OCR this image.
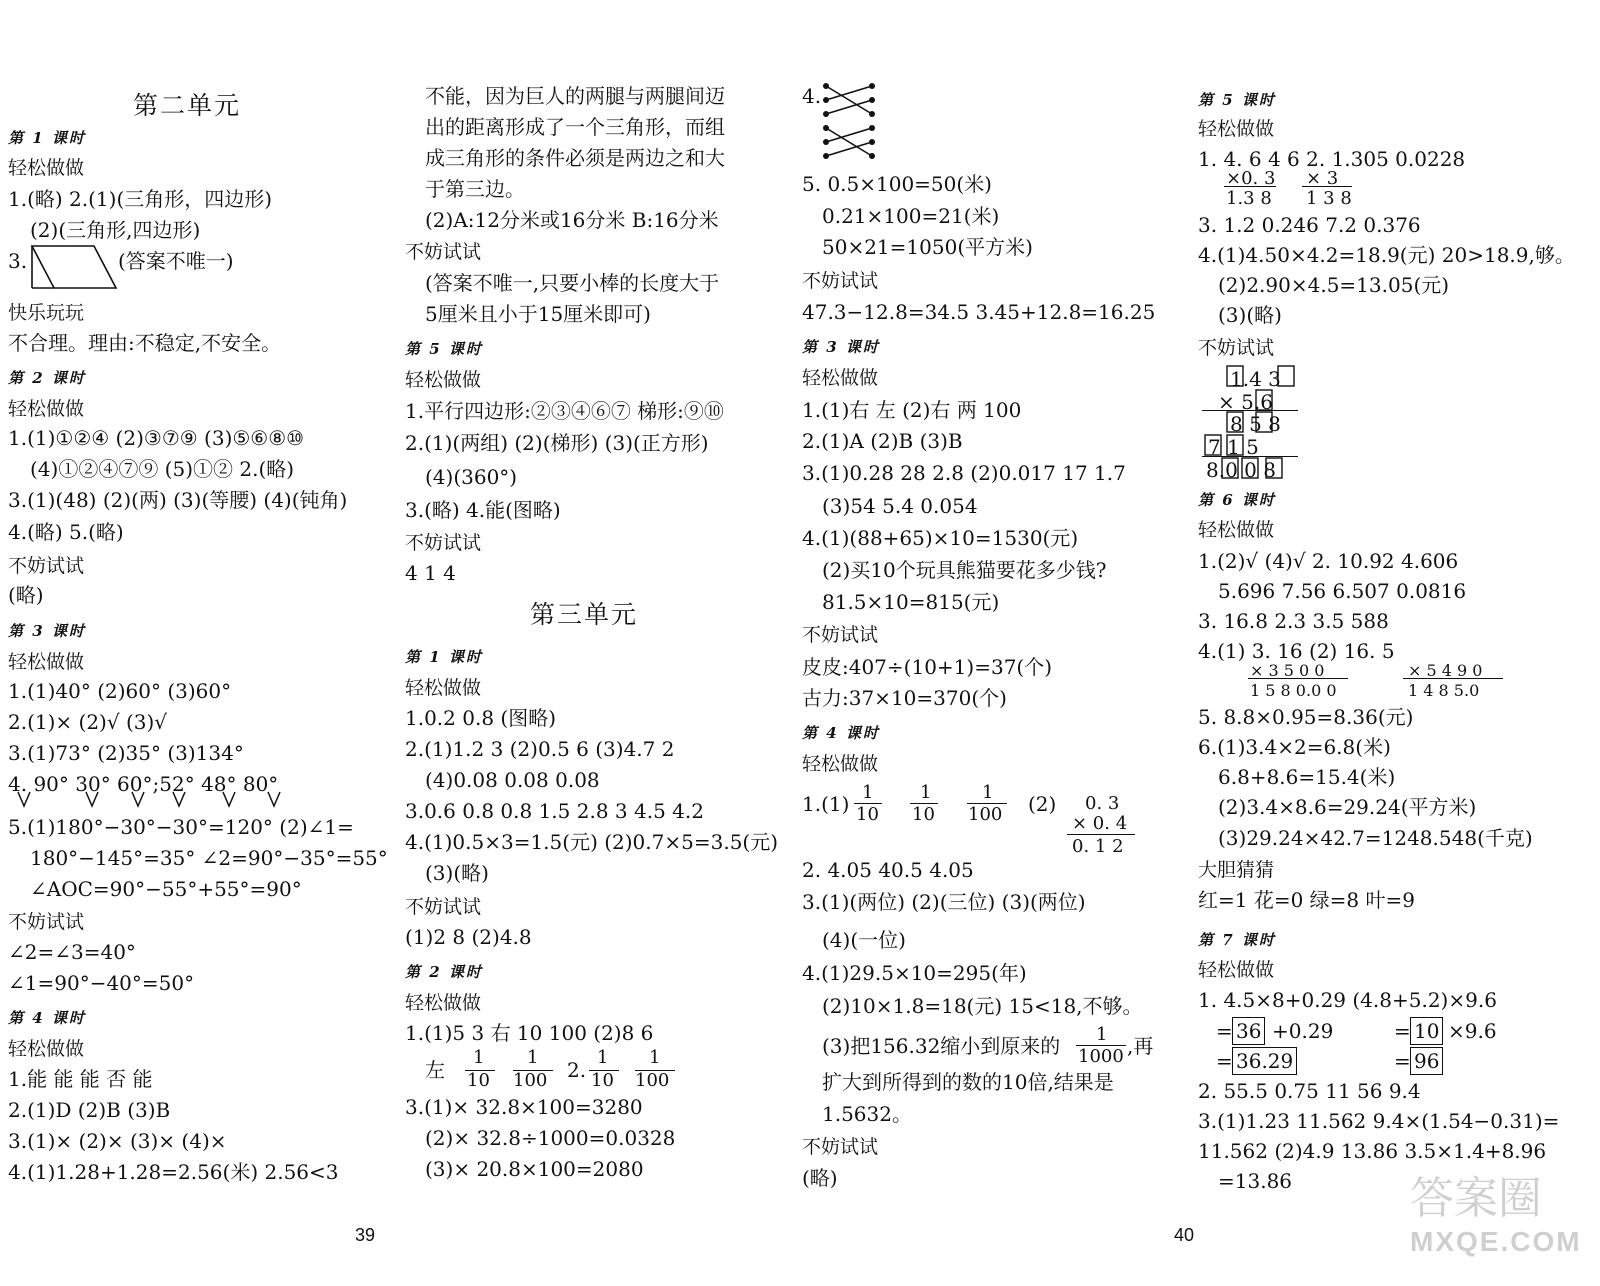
第二单元
第 1 课时
轻松做做
1.(略) 2.(1)(三角形，四边形)
(2)(三角形,四边形)
3.	(答案不唯一)
快乐玩玩
不合理。理由:不稳定,不安全。
第 2 课时
轻松做做
1.(1)①②④ (2)③⑦⑨ (3)⑤⑥⑧⑩
(4)①②④⑦⑨ (5)①② 2.(略)
3.(1)(48) (2)(两) (3)(等腰) (4)(钝角)
4.(略) 5.(略)
不妨试试
(略)
第 3 课时
轻松做做
1.(1)40° (2)60° (3)60°
2.(1)× (2)√ (3)√
3.(1)73° (2)35° (3)134°
4. 90° 30° 60°;52° 48° 80°
5.(1)180°−30°−30°=120° (2)∠1=
180°−145°=35° ∠2=90°−35°=55°
∠AOC=90°−55°+55°=90°
不妨试试
∠2=∠3=40°
∠1=90°−40°=50°
第 4 课时
轻松做做
1.能 能 能 否 能
2.(1)D (2)B (3)B
3.(1)× (2)× (3)× (4)×
4.(1)1.28+1.28=2.56(米) 2.56<3
不能，因为巨人的两腿与两腿间迈
出的距离形成了一个三角形，而组
成三角形的条件必须是两边之和大
于第三边。
(2)A:12分米或16分米 B:16分米
不妨试试
(答案不唯一,只要小棒的长度大于
5厘米且小于15厘米即可)
第 5 课时
轻松做做
1.平行四边形:②③④⑥⑦ 梯形:⑨⑩
2.(1)(两组) (2)(梯形) (3)(正方形)
(4)(360°)
3.(略) 4.能(图略)
不妨试试
4 1 4
第 1 课时
轻松做做
1.0.2 0.8 (图略)
2.(1)1.2 3 (2)0.5 6 (3)4.7 2
(4)0.08 0.08 0.08
3.0.6 0.8 0.8 1.5 2.8 3 4.5 4.2
4.(1)0.5×3=1.5(元) (2)0.7×5=3.5(元)
(3)(略)
不妨试试
(1)2 8 (2)4.8
第 2 课时
轻松做做
1.(1)5 3 右 10 100 (2)8 6
3.(1)× 32.8×100=3280
(2)× 32.8÷1000=0.0328
(3)× 20.8×100=2080
第三单元
左
1
10
1
100 2.
1
10
1
100
39
4.
5. 0.5×100=50(米)
0.21×100=21(米)
50×21=1050(平方米)
不妨试试
47.3−12.8=34.5 3.45+12.8=16.25
第 3 课时
轻松做做
1.(1)右 左 (2)右 两 100
2.(1)A (2)B (3)B
3.(1)0.28 28 2.8 (2)0.017 17 1.7
(3)54 5.4 0.054
4.(1)(88+65)×10=1530(元)
(2)买10个玩具熊猫要花多少钱?
81.5×10=815(元)
不妨试试
皮皮:407÷(10+1)=37(个)
古力:37×10=370(个)
第 4 课时
轻松做做
2. 4.05 40.5 4.05
3.(1)(两位) (2)(三位) (3)(两位)
(4)(一位)
4.(1)29.5×10=295(年)
(2)10×1.8=18(元) 15<18,不够。
(3)把156.32缩小到原来的	,再
扩大到所得到的数的10倍,结果是
1.5632。
不妨试试
(略)
1.(1) 1
10
1
10
1
100 (2) 0. 3
× 0. 4
0. 1 2
1
1000
第 5 课时
轻松做做
1. 4. 6 4 6 2. 1.305 0.0228
3. 1.2 0.246 7.2 0.376
4.(1)4.50×4.2=18.9(元) 20>18.9,够。
(2)2.90×4.5=13.05(元)
(3)(略)
不妨试试
第 6 课时
轻松做做
1.(2)√ (4)√ 2. 10.92 4.606
5.696 7.56 6.507 0.0816
3. 16.8 2.3 3.5 588
4.(1) 3. 16 (2) 16. 5
5. 8.8×0.95=8.36(元)
6.(1)3.4×2=6.8(米)
6.8+8.6=15.4(米)
(2)3.4×8.6=29.24(平方米)
(3)29.24×42.7=1248.548(千克)
大胆猜猜
红=1 花=0 绿=8 叶=9
第 7 课时
轻松做做
1. 4.5×8+0.29 (4.8+5.2)×9.6
2. 55.5 0.75 11 56 9.4
3.(1)1.23 11.562 9.4×(1.54−0.31)=
11.562 (2)4.9 13.86 3.5×1.4+8.96
=13.86
×0. 3
1.3 8
× 3
1 3 8
1.4 3
× 5.6
8 5 8
7 1 5
8.0 0 8
× 3 5 0 0
1 5 8 0.0 0
× 5 4 9 0
1 4 8 5.0
= 36 +0.29
= 36.29
= 10 ×9.6
= 96
40
答案圈
MXQE.COM
